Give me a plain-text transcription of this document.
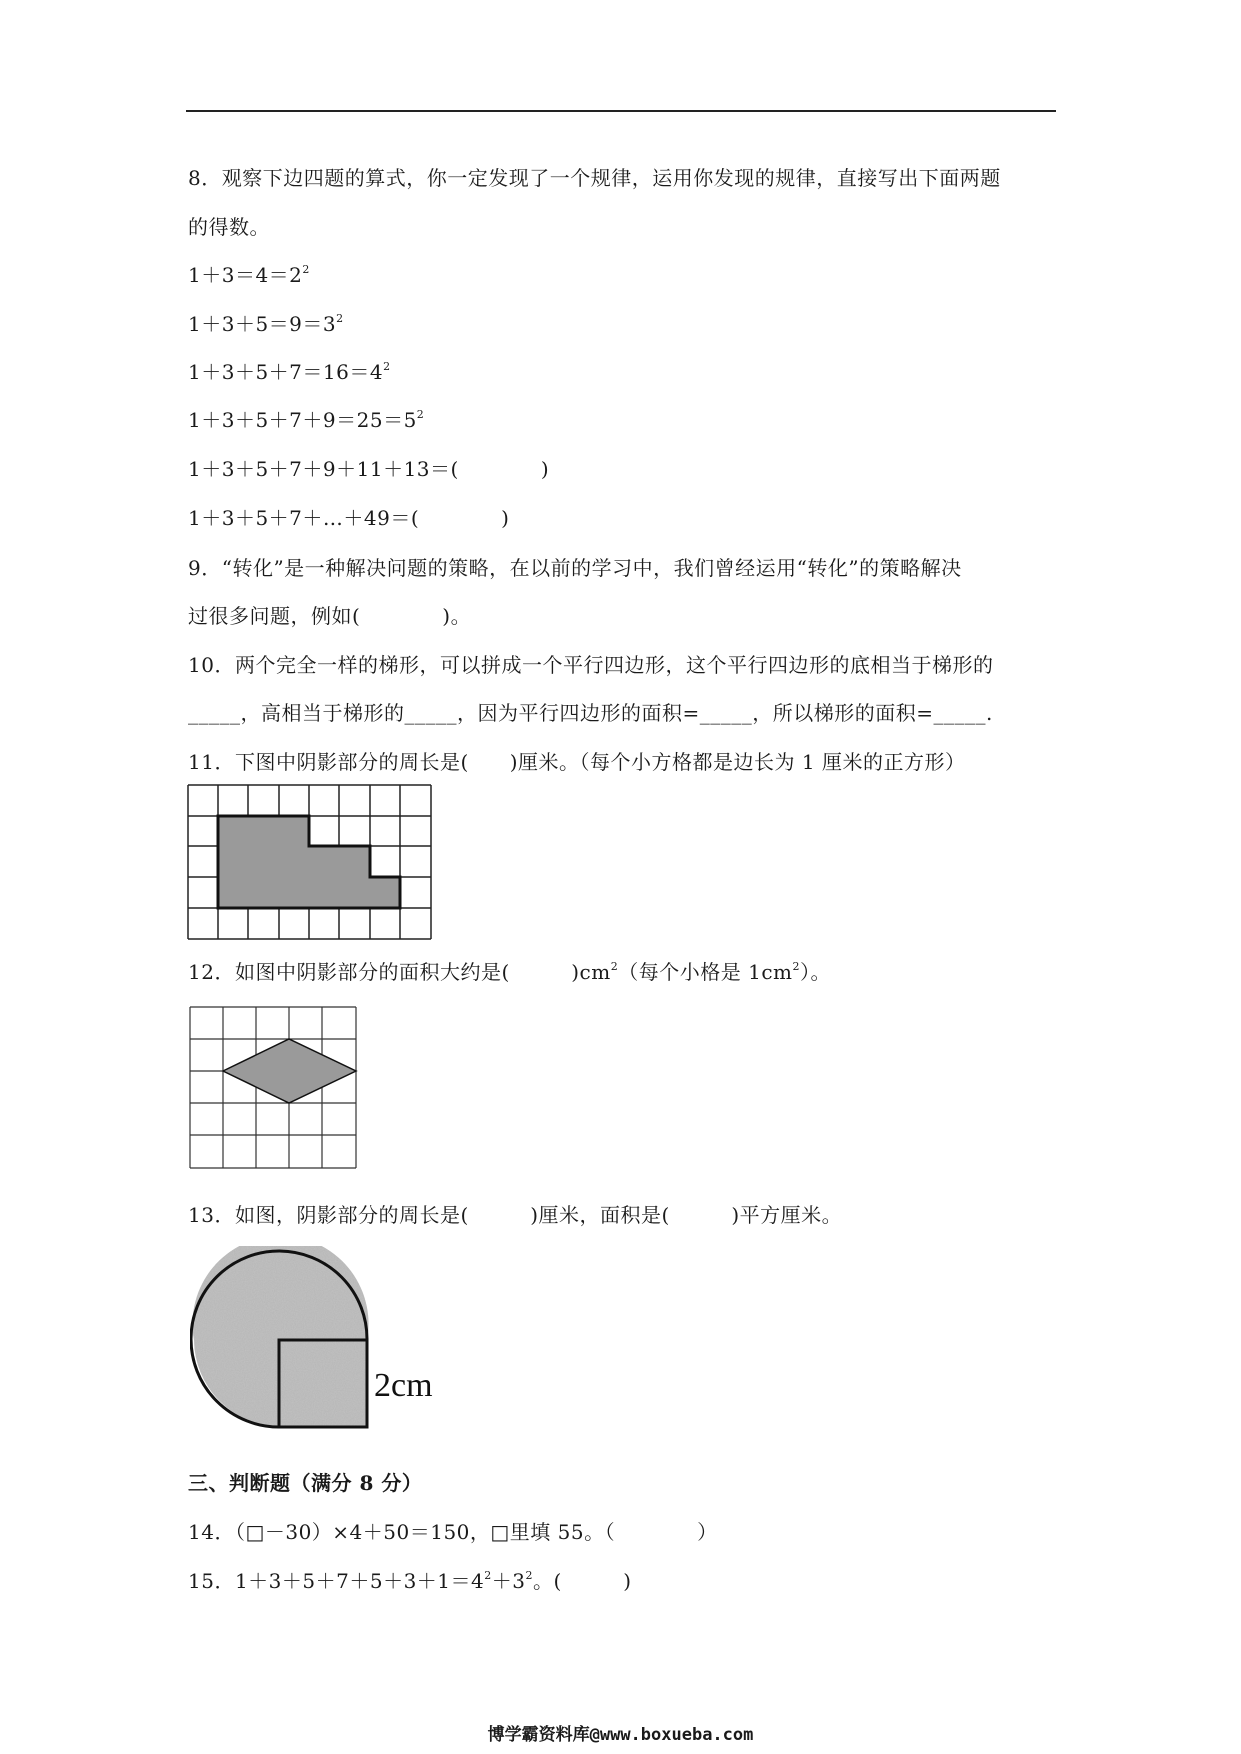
8．观察下边四题的算式，你一定发现了一个规律，运用你发现的规律，直接写出下面两题
的得数。
$1+3=4=2^2$
$1+3+5=9=3^2$
$1+3+5+7=16=4^2$
$1+3+5+7+9=25=5^2$
1＋3＋5＋7＋9＋11＋13＝(　　　　)
1＋3＋5＋7＋…＋49＝(　　　　)
9．“转化”是一种解决问题的策略，在以前的学习中，我们曾经运用“转化”的策略解决
过很多问题，例如(　　　　)。
10．两个完全一样的梯形，可以拼成一个平行四边形，这个平行四边形的底相当于梯形的
_____，高相当于梯形的_____，因为平行四边形的面积=_____，所以梯形的面积=_____.
11．下图中阴影部分的周长是(　　)厘米。（每个小方格都是边长为 1 厘米的正方形）
12．如图中阴影部分的面积大约是(　　　)$cm^2$（每个小格是 $1cm^2$）。
13．如图，阴影部分的周长是(　　　)厘米，面积是(　　　)平方厘米。
2cm
三、判断题（满分 8 分）
14．（□－30）×4＋50＝150，□里填 55。（　　　　）
15．$1+3+5+7+5+3+1=4^2+3^2$。(　　　)
博学霸资料库@www.boxueba.com
